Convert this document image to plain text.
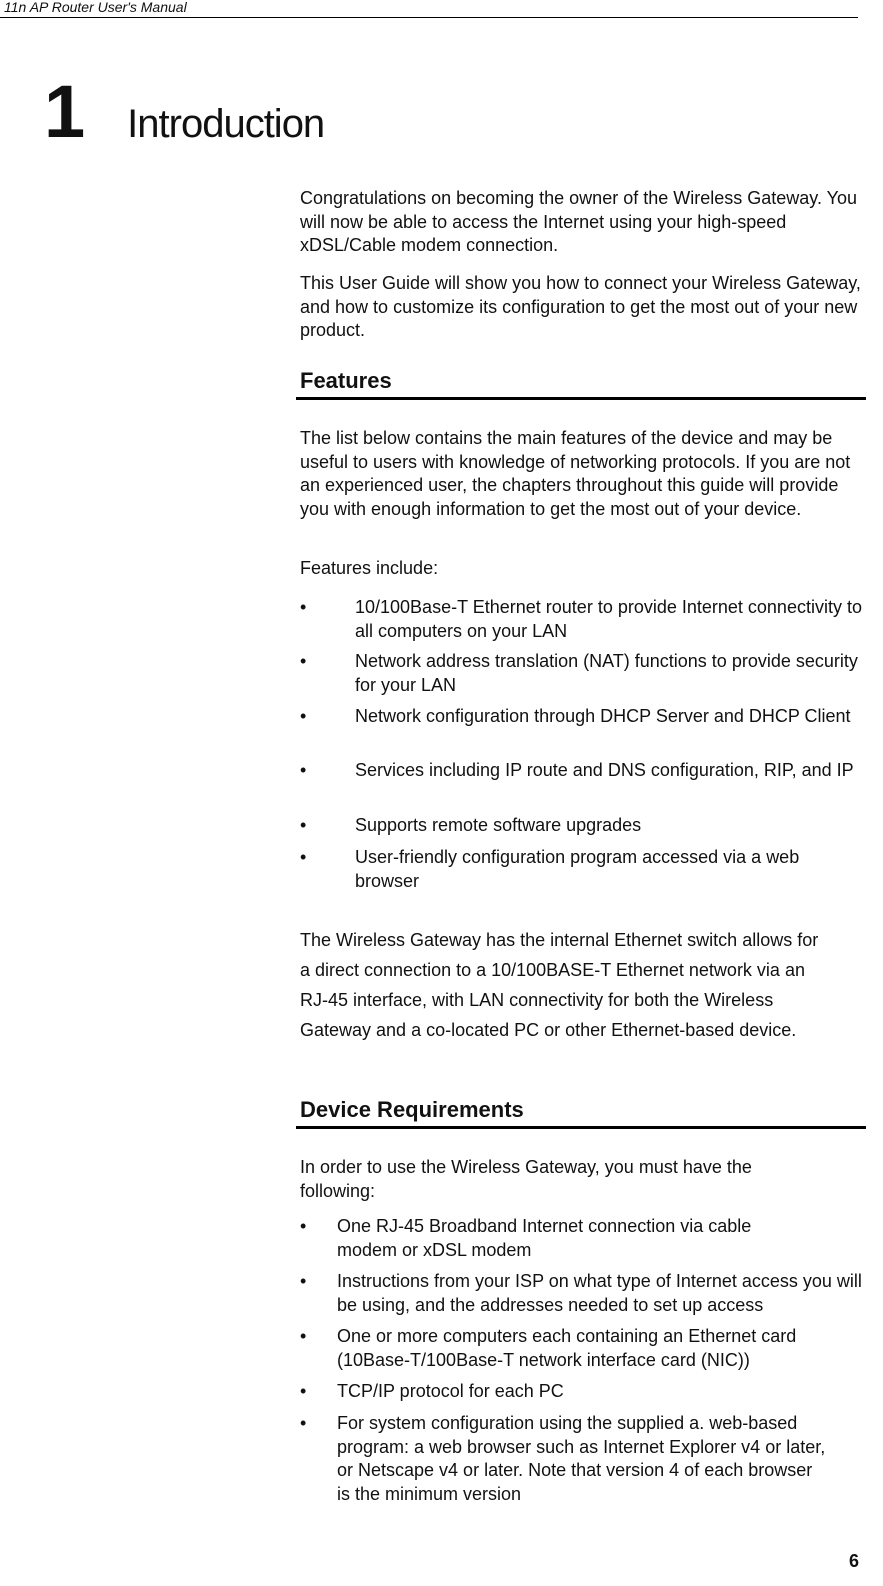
11n AP Router User's Manual
1 Introduction

Congratulations on becoming the owner of the Wireless Gateway. You will now be able to access the Internet using your high-speed xDSL/Cable modem connection.

This User Guide will show you how to connect your Wireless Gateway, and how to customize its configuration to get the most out of your new product.

Features

The list below contains the main features of the device and may be useful to users with knowledge of networking protocols. If you are not an experienced user, the chapters throughout this guide will provide you with enough information to get the most out of your device.

Features include:

•	10/100Base-T Ethernet router to provide Internet connectivity to all computers on your LAN
•	Network address translation (NAT) functions to provide security for your LAN
•	Network configuration through DHCP Server and DHCP Client
•	Services including IP route and DNS configuration, RIP, and IP
•	Supports remote software upgrades
•	User-friendly configuration program accessed via a web browser

The Wireless Gateway has the internal Ethernet switch allows for a direct connection to a 10/100BASE-T Ethernet network via an RJ-45 interface, with LAN connectivity for both the Wireless Gateway and a co-located PC or other Ethernet-based device.

Device Requirements

In order to use the Wireless Gateway, you must have the following:

•	One RJ-45 Broadband Internet connection via cable modem or xDSL modem
•	Instructions from your ISP on what type of Internet access you will be using, and the addresses needed to set up access
•	One or more computers each containing an Ethernet card (10Base-T/100Base-T network interface card (NIC))
•	TCP/IP protocol for each PC
•	For system configuration using the supplied a. web-based program: a web browser such as Internet Explorer v4 or later, or Netscape v4 or later. Note that version 4 of each browser is the minimum version
6
